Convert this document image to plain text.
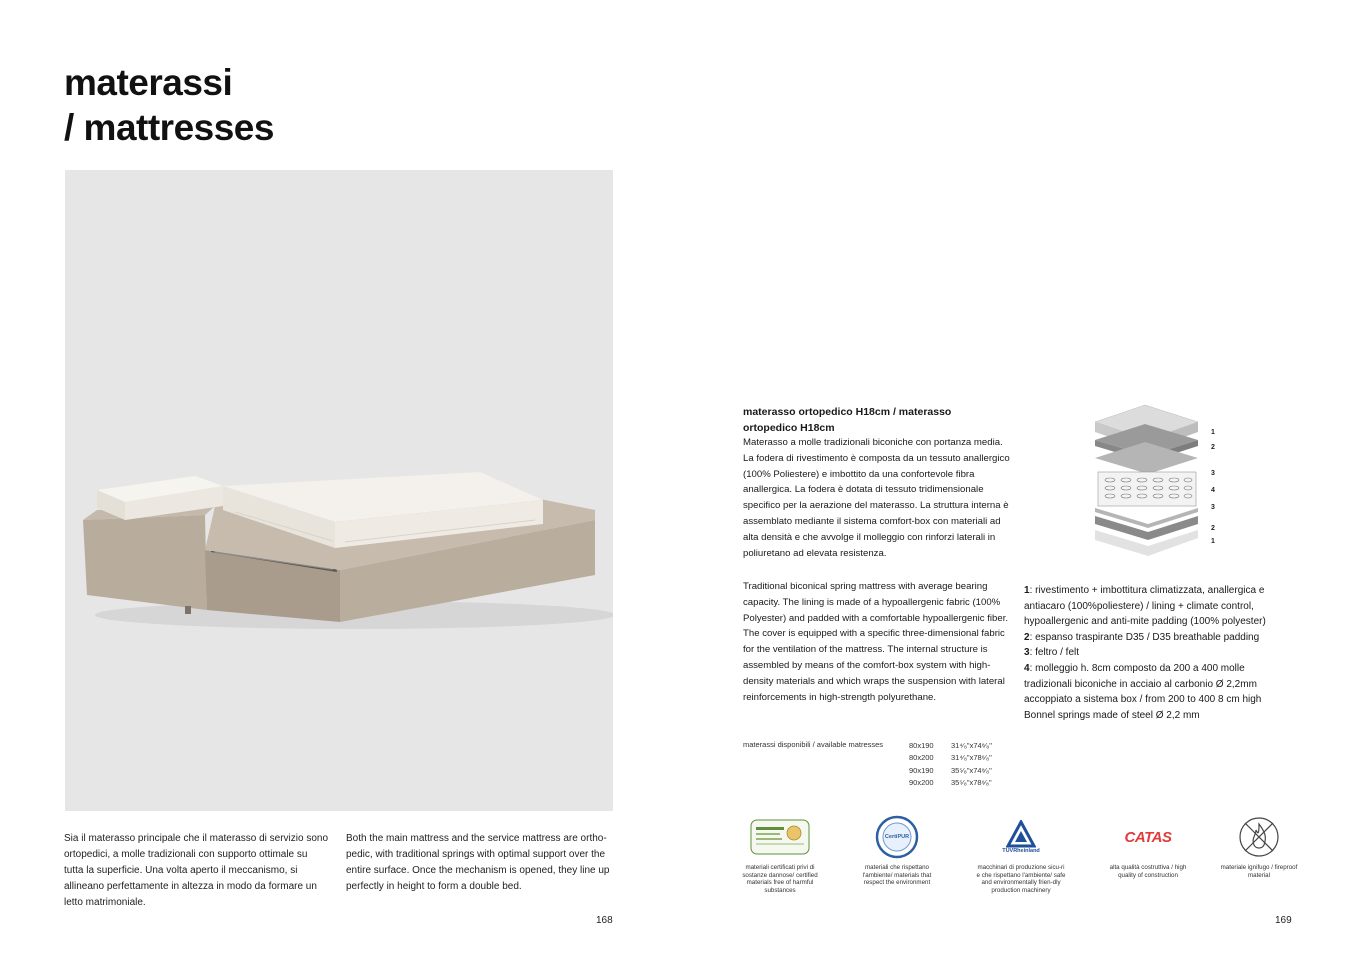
materassi
/ mattresses
Sia il materasso principale che il materasso di servizio sono ortopedici, a molle tradizionali con supporto ottimale su tutta la superficie. Una volta aperto il meccanismo, si allineano perfettamente in altezza in modo da formare un letto matrimoniale.
Both the main mattress and the service mattress are ortho-pedic, with traditional springs with optimal support over the entire surface. Once the mechanism is opened, they line up perfectly in height to form a double bed.
168
materasso ortopedico H18cm / materasso ortopedico H18cm
Materasso a molle tradizionali biconiche con portanza media. La fodera di rivestimento è composta da un tessuto anallergico (100% Poliestere) e imbottito da una confortevole fibra anallergica. La fodera è dotata di tessuto tridimensionale specifico per la aerazione del materasso. La struttura interna è assemblato mediante il sistema comfort-box con materiali ad alta densità e che avvolge il molleggio con rinforzi laterali in poliuretano ad elevata resistenza.
Traditional biconical spring mattress with average bearing capacity. The lining is made of a hypoallergenic fabric (100% Polyester) and padded with a comfortable hypoallergenic fiber. The cover is equipped with a specific three-dimensional fabric for the ventilation of the mattress. The internal structure is assembled by means of the comfort-box system with high-density materials and which wraps the suspension with lateral reinforcements in high-strength polyurethane.
1
2
3
4
3
2
1
1: rivestimento + imbottitura climatizzata, anallergica e antiacaro (100%poliestere) / lining + climate control, hypoallergenic and anti-mite padding (100% polyester)
2: espanso traspirante D35 / D35 breathable padding
3: feltro / felt
4: molleggio h. 8cm composto da 200 a 400 molle tradizionali biconiche in acciaio al carbonio Ø 2,2mm accoppiato a sistema box / from 200 to 400 8 cm high Bonnel springs made of steel Ø 2,2 mm
materassi disponibili / available matresses	80x190
80x200
90x190
90x200
31⁴⁄₈"x74⁸⁄₈"
31⁴⁄₈"x78⁶⁄₈"
35⁵⁄₈"x74⁸⁄₈"
35⁵⁄₈"x78⁶⁄₈"
materiali certificati privi di sostanze dannose/ certified materials free of harmful substances
CertiPUR
materiali che rispettano l'ambiente/ materials that respect the environment
TÜVRheinland
macchinari di produzione sicu-ri e che rispettano l'ambiente/ safe and environmentally frien-dly production machinery
CATAS
alta qualità costruttiva / high quality of construction
materiale ignifugo / fireproof material
169
